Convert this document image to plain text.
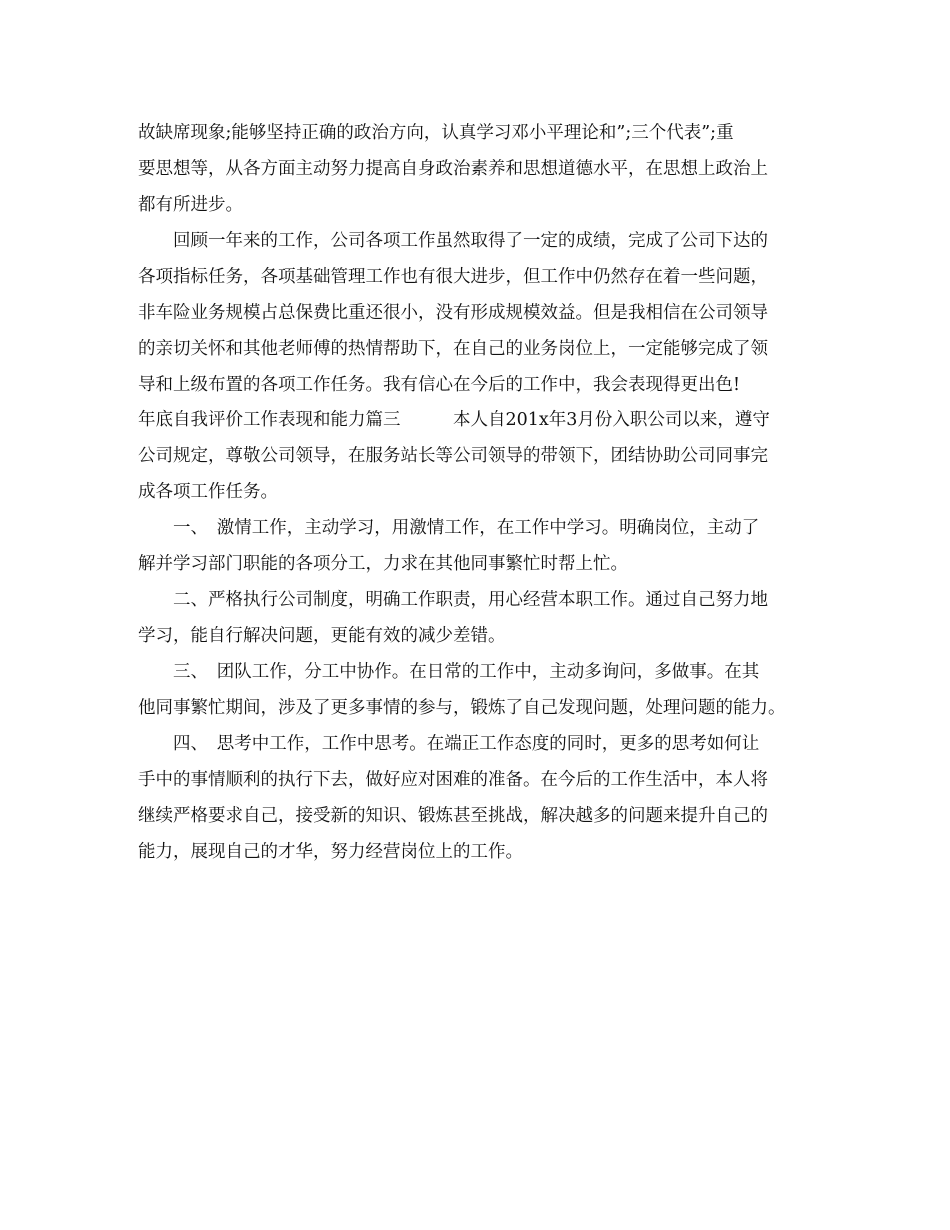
故缺席现象;能够坚持正确的政治方向，认真学习邓小平理论和”;三个代表”;重
要思想等，从各方面主动努力提高自身政治素养和思想道德水平，在思想上政治上
都有所进步。
　　回顾一年来的工作，公司各项工作虽然取得了一定的成绩，完成了公司下达的
各项指标任务，各项基础管理工作也有很大进步，但工作中仍然存在着一些问题，
非车险业务规模占总保费比重还很小，没有形成规模效益。但是我相信在公司领导
的亲切关怀和其他老师傅的热情帮助下，在自己的业务岗位上，一定能够完成了领
导和上级布置的各项工作任务。我有信心在今后的工作中，我会表现得更出色!
年底自我评价工作表现和能力篇三　　　本人自201x年3月份入职公司以来，遵守
公司规定，尊敬公司领导，在服务站长等公司领导的带领下，团结协助公司同事完
成各项工作任务。
　　一、　激情工作，主动学习，用激情工作，在工作中学习。明确岗位，主动了
解并学习部门职能的各项分工，力求在其他同事繁忙时帮上忙。
　　二、严格执行公司制度，明确工作职责，用心经营本职工作。通过自己努力地
学习，能自行解决问题，更能有效的减少差错。
　　三、　团队工作，分工中协作。在日常的工作中，主动多询问，多做事。在其
他同事繁忙期间，涉及了更多事情的参与，锻炼了自己发现问题，处理问题的能力。
　　四、　思考中工作，工作中思考。在端正工作态度的同时，更多的思考如何让
手中的事情顺利的执行下去，做好应对困难的准备。在今后的工作生活中，本人将
继续严格要求自己，接受新的知识、锻炼甚至挑战，解决越多的问题来提升自己的
能力，展现自己的才华，努力经营岗位上的工作。
